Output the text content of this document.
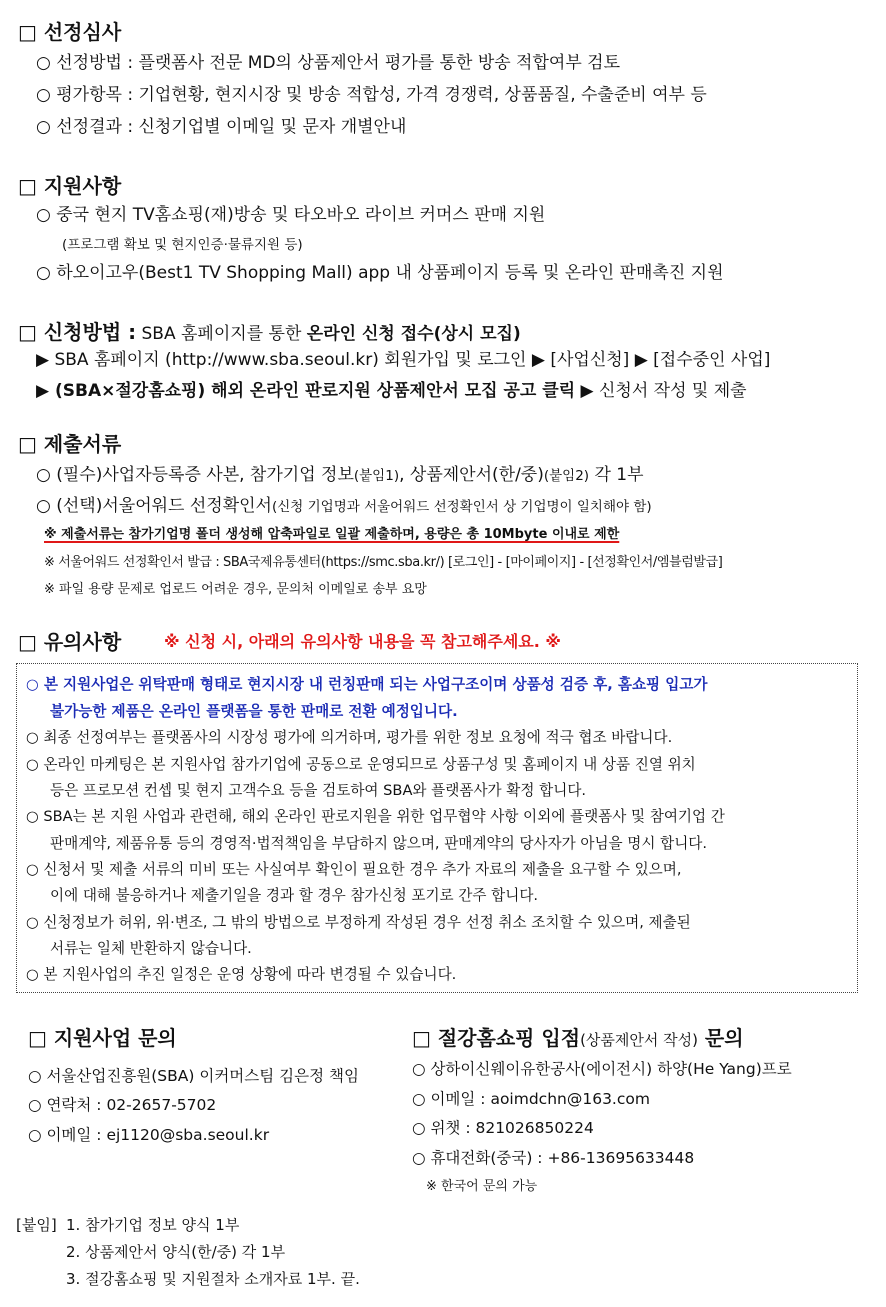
□ 선정심사
○ 선정방법 : 플랫폼사 전문 MD의 상품제안서 평가를 통한 방송 적합여부 검토
○ 평가항목 : 기업현황, 현지시장 및 방송 적합성, 가격 경쟁력, 상품품질, 수출준비 여부 등
○ 선정결과 : 신청기업별 이메일 및 문자 개별안내
□ 지원사항
○ 중국 현지 TV홈쇼핑(재)방송 및 타오바오 라이브 커머스 판매 지원
(프로그램 확보 및 현지인증·물류지원 등)
○ 하오이고우(Best1 TV Shopping Mall) app 내 상품페이지 등록 및 온라인 판매촉진 지원
□ 신청방법 : SBA 홈페이지를 통한 온라인 신청 접수(상시 모집)
▶ SBA 홈페이지 (http://www.sba.seoul.kr) 회원가입 및 로그인 ▶ [사업신청] ▶ [접수중인 사업]
▶ (SBA×절강홈쇼핑) 해외 온라인 판로지원 상품제안서 모집 공고 클릭 ▶ 신청서 작성 및 제출
□ 제출서류
○ (필수)사업자등록증 사본, 참가기업 정보(붙임1), 상품제안서(한/중)(붙임2) 각 1부
○ (선택)서울어워드 선정확인서(신청 기업명과 서울어워드 선정확인서 상 기업명이 일치해야 함)
※ 제출서류는 참가기업명 폴더 생성해 압축파일로 일괄 제출하며, 용량은 총 10Mbyte 이내로 제한
※ 서울어워드 선정확인서 발급 : SBA국제유통센터(https://smc.sba.kr/) [로그인] - [마이페이지] - [선정확인서/엠블럼발급]
※ 파일 용량 문제로 업로드 어려운 경우, 문의처 이메일로 송부 요망
□ 유의사항	※ 신청 시, 아래의 유의사항 내용을 꼭 참고해주세요. ※
○ 본 지원사업은 위탁판매 형태로 현지시장 내 런칭판매 되는 사업구조이며 상품성 검증 후, 홈쇼핑 입고가
불가능한 제품은 온라인 플랫폼을 통한 판매로 전환 예정입니다.
○ 최종 선정여부는 플랫폼사의 시장성 평가에 의거하며, 평가를 위한 정보 요청에 적극 협조 바랍니다.
○ 온라인 마케팅은 본 지원사업 참가기업에 공동으로 운영되므로 상품구성 및 홈페이지 내 상품 진열 위치
등은 프로모션 컨셉 및 현지 고객수요 등을 검토하여 SBA와 플랫폼사가 확정 합니다.
○ SBA는 본 지원 사업과 관련해, 해외 온라인 판로지원을 위한 업무협약 사항 이외에 플랫폼사 및 참여기업 간
판매계약, 제품유통 등의 경영적·법적책임을 부담하지 않으며, 판매계약의 당사자가 아님을 명시 합니다.
○ 신청서 및 제출 서류의 미비 또는 사실여부 확인이 필요한 경우 추가 자료의 제출을 요구할 수 있으며,
이에 대해 불응하거나 제출기일을 경과 할 경우 참가신청 포기로 간주 합니다.
○ 신청정보가 허위, 위·변조, 그 밖의 방법으로 부정하게 작성된 경우 선정 취소 조치할 수 있으며, 제출된
서류는 일체 반환하지 않습니다.
○ 본 지원사업의 추진 일정은 운영 상황에 따라 변경될 수 있습니다.
□ 지원사업 문의
○ 서울산업진흥원(SBA) 이커머스팀 김은정 책임
○ 연락처 : 02-2657-5702
○ 이메일 : ej1120@sba.seoul.kr
□ 절강홈쇼핑 입점(상품제안서 작성) 문의
○ 상하이신웨이유한공사(에이전시) 하양(He Yang)프로
○ 이메일 : aoimdchn@163.com
○ 위챗 : 821026850224
○ 휴대전화(중국) : +86-13695633448
※ 한국어 문의 가능
[붙임] 1. 참가기업 정보 양식 1부
2. 상품제안서 양식(한/중) 각 1부
3. 절강홈쇼핑 및 지원절차 소개자료 1부. 끝.
